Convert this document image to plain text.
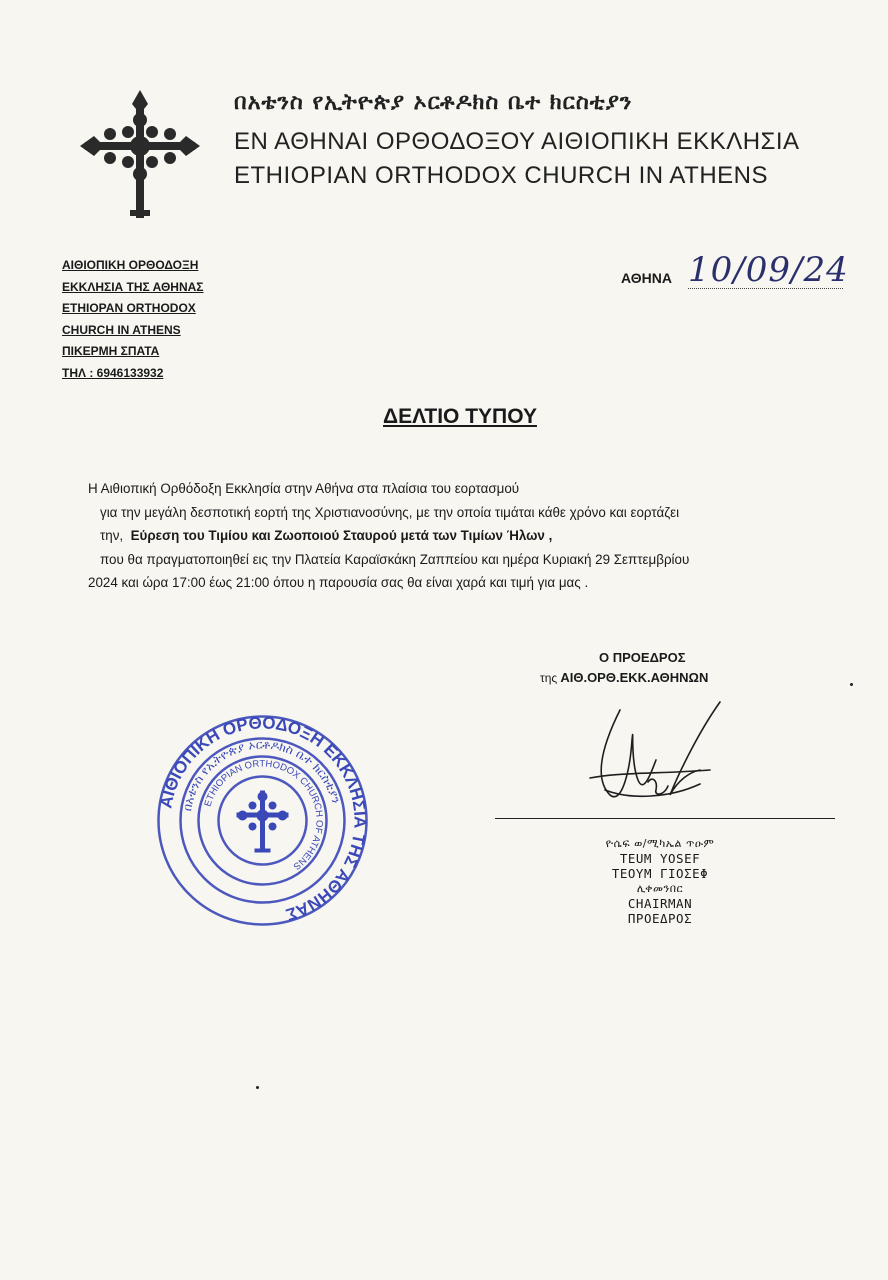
በአቴንስ የኢትዮጵያ ኦርቶዶክስ ቤተ ክርስቲያን
ΕΝ ΑΘΗΝΑΙ ΟΡΘΟΔΟΞΟΥ ΑΙΘΙΟΠΙΚΗ ΕΚΚΛΗΣΙΑ
ETHIOPIAN ORTHODOX CHURCH IN ATHENS
ΑΙΘΙΟΠΙΚΗ ΟΡΘΟΔΟΞΗ
ΕΚΚΛΗΣΙΑ ΤΗΣ ΑΘΗΝΑΣ
ETHIOPAN ORTHODOX
CHURCH IN ATHENS
ΠΙΚΕΡΜΗ ΣΠΑΤΑ
ΤΗΛ : 6946133932
ΑΘΗΝΑ 10/09/24
ΔΕΛΤΙΟ ΤΥΠΟΥ

Η Αιθιοπική Ορθόδοξη Εκκλησία στην Αθήνα στα πλαίσια του εορτασμού

για την μεγάλη δεσποτική εορτή της Χριστιανοσύνης, με την οποία τιμάται κάθε χρόνο και εορτάζει

την, Εύρεση του Τιμίου και Ζωοποιού Σταυρού μετά των Τιμίων Ήλων ,

που θα πραγματοποιηθεί εις την Πλατεία Καραϊσκάκη Ζαππείου και ημέρα Κυριακή 29 Σεπτεμβρίου

2024 και ώρα 17:00 έως 21:00 όπου η παρουσία σας θα είναι χαρά και τιμή για μας .

Ο ΠΡΟΕΔΡΟΣ
της ΑΙΘ.ΟΡΘ.ΕΚΚ.ΑΘΗΝΩΝ
ΑΙΘΙΟΠΙΚΗ ΟΡΘΟΔΟΞΗ ΕΚΚΛΗΣΙΑ ΤΗΣ ΑΘΗΝΑΣ
በአቴንስ የኢትዮጵያ ኦርቶዶክስ ቤተ ክርስቲያን
ETHIOPIAN ORTHODOX CHURCH OF ATHENS
ዮሴፍ ወ/ሚካኤል ጥዑም
TEUM YOSEF
ΤΕΟΥΜ ΓΙΟΣΕΦ
ሊቀመንበር
CHAIRMAN
ΠΡΟΕΔΡΟΣ
